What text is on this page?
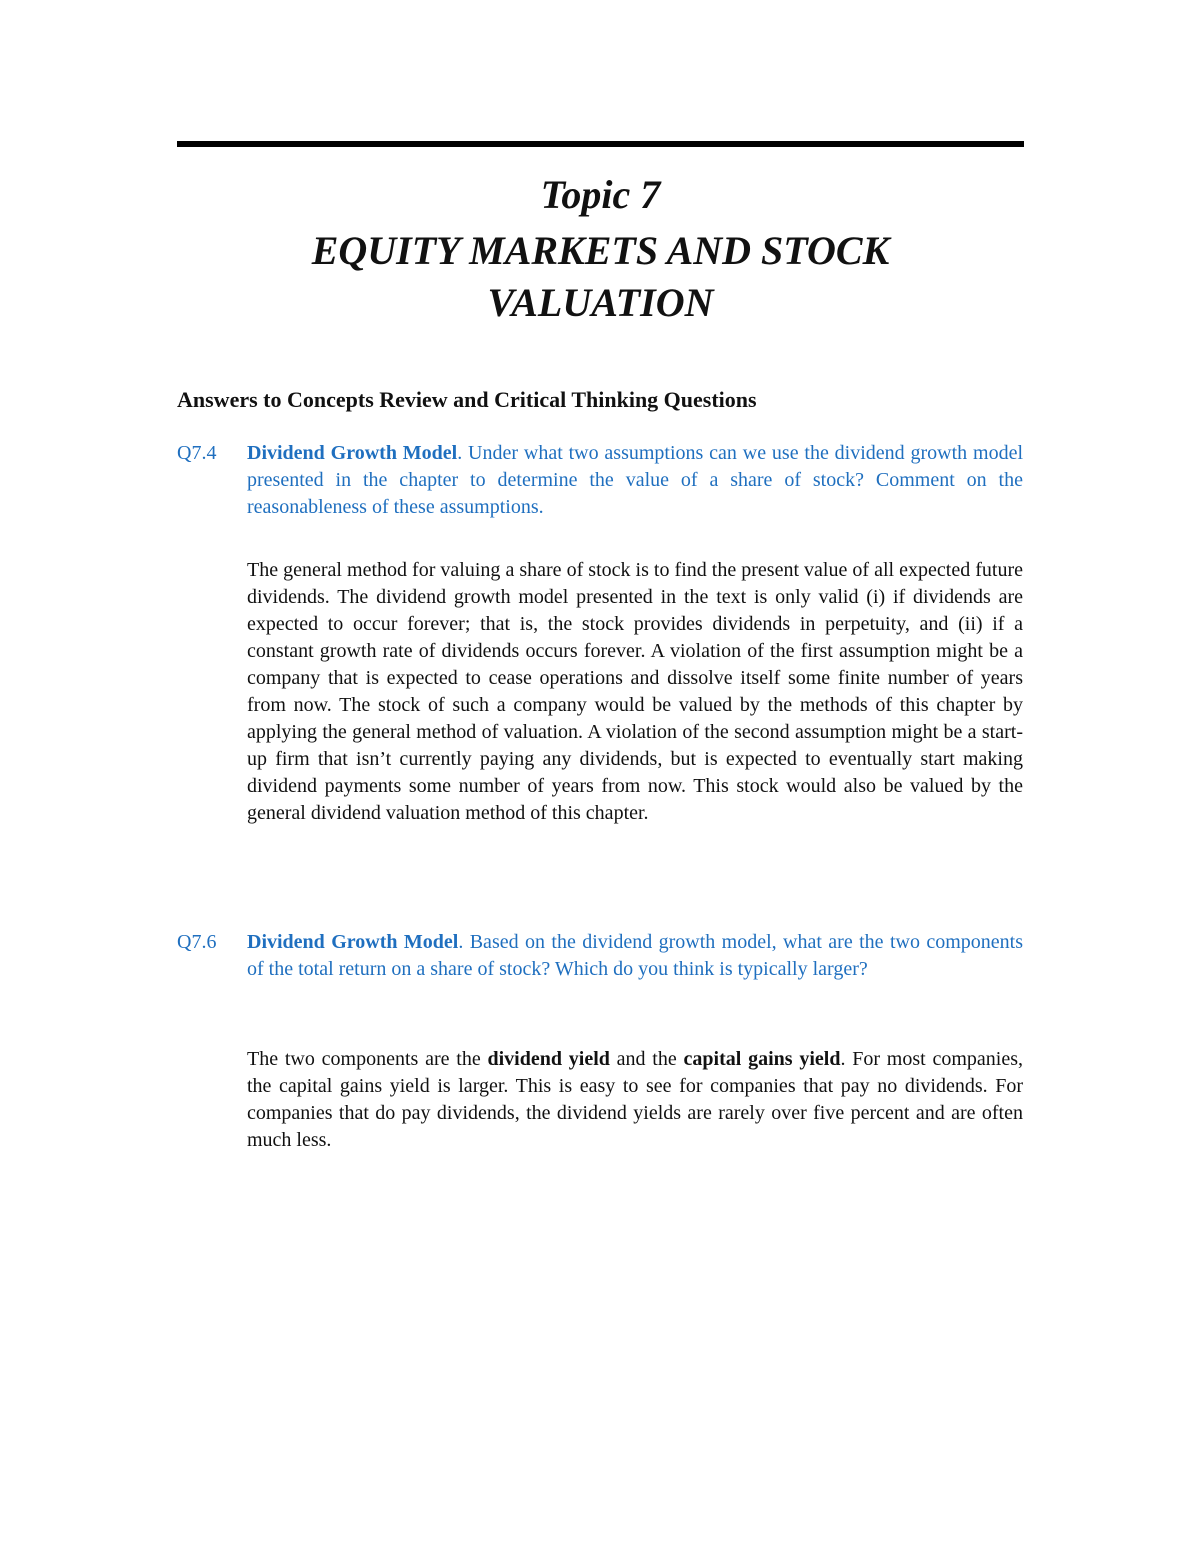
Topic 7
EQUITY MARKETS AND STOCK
VALUATION
Answers to Concepts Review and Critical Thinking Questions
Q7.4 Dividend Growth Model. Under what two assumptions can we use the dividend growth model presented in the chapter to determine the value of a share of stock? Comment on the reasonableness of these assumptions.

The general method for valuing a share of stock is to find the present value of all expected future dividends. The dividend growth model presented in the text is only valid (i) if dividends are expected to occur forever; that is, the stock provides dividends in perpetuity, and (ii) if a constant growth rate of dividends occurs forever. A violation of the first assumption might be a company that is expected to cease operations and dissolve itself some finite number of years from now. The stock of such a company would be valued by the methods of this chapter by applying the general method of valuation. A violation of the second assumption might be a start-up firm that isn’t currently paying any dividends, but is expected to eventually start making dividend payments some number of years from now. This stock would also be valued by the general dividend valuation method of this chapter.

Q7.6 Dividend Growth Model. Based on the dividend growth model, what are the two components of the total return on a share of stock? Which do you think is typically larger?

The two components are the dividend yield and the capital gains yield. For most companies, the capital gains yield is larger. This is easy to see for companies that pay no dividends. For companies that do pay dividends, the dividend yields are rarely over five percent and are often much less.
